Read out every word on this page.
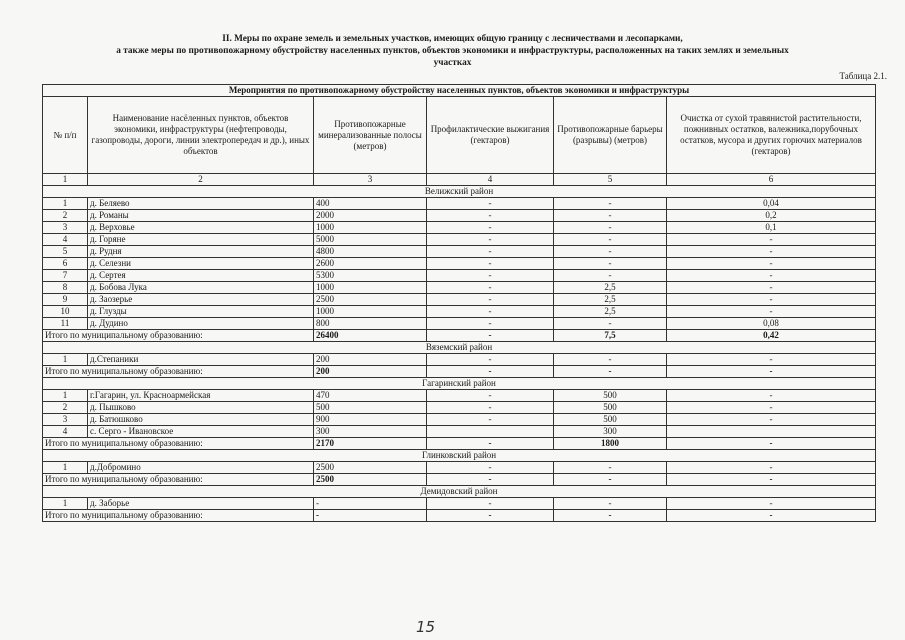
II. Меры по охране земель и земельных участков, имеющих общую границу с лесничествами и лесопарками,
а также меры по противопожарному обустройству населенных пунктов, объектов экономики и инфраструктуры, расположенных на таких землях и земельных
участках
Таблица 2.1.
Мероприятия по противопожарному обустройству населенных пунктов, объектов экономики и инфраструктуры					
№ п/п	Наименование насёленных пунктов, объектов экономики, инфраструктуры (нефтепроводы, газопроводы, дороги, линии электропередач и др.), иных объектов	Противопожарные минерализованные полосы (метров)	Профилактические выжигания (гектаров)	Противопожарные барьеры (разрывы) (метров)	Очистка от сухой травянистой растительности, пожнивных остатков, валежника,порубочных остатков, мусора и других горючих материалов (гектаров)
1	2	3	4	5	6
Велижский район					
1	д. Беляево	400	-	-	0,04
2	д. Романы	2000	-	-	0,2
3	д. Верховье	1000	-	-	0,1
4	д. Горяне	5000	-	-	-
5	д. Рудня	4800	-	-	-
6	д. Селезни	2600	-	-	-
7	д. Сертея	5300	-	-	-
8	д. Бобова Лука	1000	-	2,5	-
9	д. Заозерье	2500	-	2,5	-
10	д. Глузды	1000	-	2,5	-
11	д. Дудино	800	-	-	0,08
Итого по муниципальному образованию:		26400	-	7,5	0,42
Вяземский район					
1	д.Степаники	200	-	-	-
Итого по муниципальному образованию:		200	-	-	-
Гагаринский район					
1	г.Гагарин, ул. Красноармейская	470	-	500	-
2	д. Пышково	500	-	500	-
3	д. Батюшково	900	-	500	-
4	с. Серго - Ивановское	300		300	
Итого по муниципальному образованию:		2170	-	1800	-
Глинковский район					
1	д.Добромино	2500	-	-	-
Итого по муниципальному образованию:		2500	-	-	-
Демидовский район					
1	д. Заборье	-	-	-	-
Итого по муниципальному образованию:		-	-	-	-
15
